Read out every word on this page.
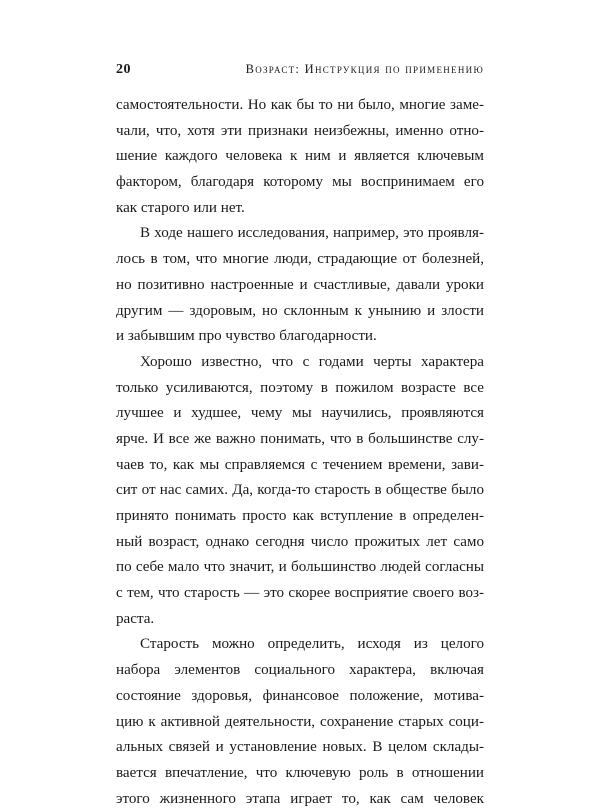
20	Возраст: Инструкция по применению
самостоятельности. Но как бы то ни было, многие заме-
чали, что, хотя эти признаки неизбежны, именно отно-
шение каждого человека к ним и является ключевым
фактором, благодаря которому мы воспринимаем его
как старого или нет.
В ходе нашего исследования, например, это проявля-
лось в том, что многие люди, страдающие от болезней,
но позитивно настроенные и счастливые, давали уроки
другим — здоровым, но склонным к унынию и злости
и забывшим про чувство благодарности.
Хорошо известно, что с годами черты характера
только усиливаются, поэтому в пожилом возрасте все
лучшее и худшее, чему мы научились, проявляются
ярче. И все же важно понимать, что в большинстве слу-
чаев то, как мы справляемся с течением времени, зави-
сит от нас самих. Да, когда-то старость в обществе было
принято понимать просто как вступление в определен-
ный возраст, однако сегодня число прожитых лет само
по себе мало что значит, и большинство людей согласны
с тем, что старость — это скорее восприятие своего воз-
раста.
Старость можно определить, исходя из целого
набора элементов социального характера, включая
состояние здоровья, финансовое положение, мотива-
цию к активной деятельности, сохранение старых соци-
альных связей и установление новых. В целом склады-
вается впечатление, что ключевую роль в отношении
этого жизненного этапа играет то, как сам человек
